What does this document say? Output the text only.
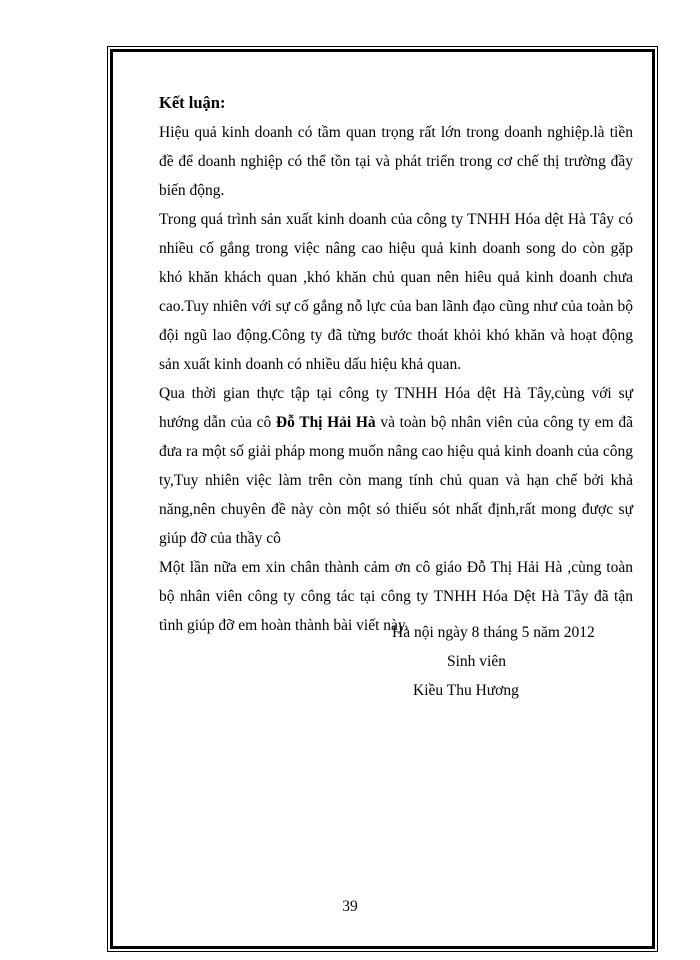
Kết luận:

Hiệu quả kinh doanh có tầm quan trọng rất lớn trong doanh nghiệp.là tiền đề để doanh nghiệp có thể tồn tại và phát triển trong cơ chế thị trường đầy biến động.

Trong quá trình sản xuất kinh doanh của công ty TNHH Hóa dệt Hà Tây có nhiều cố gắng trong việc nâng cao hiệu quả kinh doanh song do còn gặp khó khăn khách quan ,khó khăn chủ quan nên hiêu quả kinh doanh chưa cao.Tuy nhiên với sự cố gắng nỗ lực của ban lãnh đạo cũng như của toàn bộ đội ngũ lao động.Công ty đã từng bước thoát khỏi khó khăn và hoạt động sản xuất kinh doanh có nhiều dấu hiệu khả quan.

Qua thời gian thực tập tại công ty TNHH Hóa dệt Hà Tây,cùng với sự hướng dẫn của cô Đỗ Thị Hải Hà và toàn bộ nhân viên của công ty em đã đưa ra một số giải pháp mong muốn nâng cao hiệu quả kinh doanh của công ty,Tuy nhiên việc làm trên còn mang tính chủ quan và hạn chế bởi khả năng,nên chuyên đề này còn một só thiếu sót nhất định,rất mong được sự giúp đỡ của thầy cô

Một lần nữa em xin chân thành cảm ơn cô giáo Đỗ Thị Hải Hà ,cùng toàn bộ nhân viên công ty công tác tại công ty TNHH Hóa Dệt Hà Tây đã tận tình giúp đỡ em hoàn thành bài viết này.

Hà nội ngày 8 tháng 5 năm 2012
Sinh viên
Kiều Thu Hương
39
